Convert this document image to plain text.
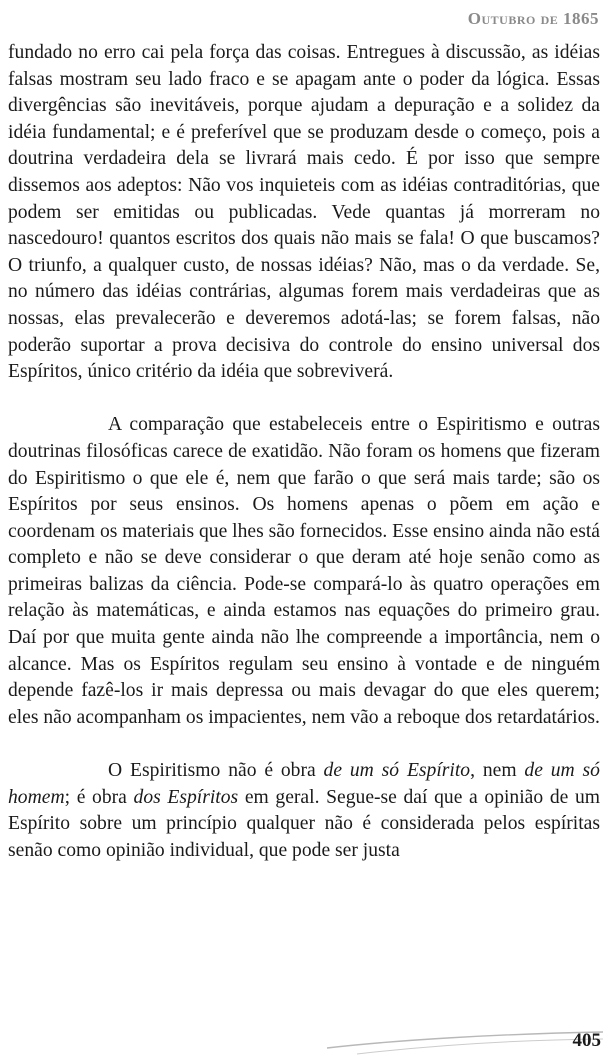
Outubro de 1865

fundado no erro cai pela força das coisas. Entregues à discussão, as idéias falsas mostram seu lado fraco e se apagam ante o poder da lógica. Essas divergências são inevitáveis, porque ajudam a depuração e a solidez da idéia fundamental; e é preferível que se produzam desde o começo, pois a doutrina verdadeira dela se livrará mais cedo. É por isso que sempre dissemos aos adeptos: Não vos inquieteis com as idéias contraditórias, que podem ser emitidas ou publicadas. Vede quantas já morreram no nascedouro! quantos escritos dos quais não mais se fala! O que buscamos? O triunfo, a qualquer custo, de nossas idéias? Não, mas o da verdade. Se, no número das idéias contrárias, algumas forem mais verdadeiras que as nossas, elas prevalecerão e deveremos adotá-las; se forem falsas, não poderão suportar a prova decisiva do controle do ensino universal dos Espíritos, único critério da idéia que sobreviverá.

A comparação que estabeleceis entre o Espiritismo e outras doutrinas filosóficas carece de exatidão. Não foram os homens que fizeram do Espiritismo o que ele é, nem que farão o que será mais tarde; são os Espíritos por seus ensinos. Os homens apenas o põem em ação e coordenam os materiais que lhes são fornecidos. Esse ensino ainda não está completo e não se deve considerar o que deram até hoje senão como as primeiras balizas da ciência. Pode-se compará-lo às quatro operações em relação às matemáticas, e ainda estamos nas equações do primeiro grau. Daí por que muita gente ainda não lhe compreende a importância, nem o alcance. Mas os Espíritos regulam seu ensino à vontade e de ninguém depende fazê-los ir mais depressa ou mais devagar do que eles querem; eles não acompanham os impacientes, nem vão a reboque dos retardatários.

O Espiritismo não é obra de um só Espírito, nem de um só homem; é obra dos Espíritos em geral. Segue-se daí que a opinião de um Espírito sobre um princípio qualquer não é considerada pelos espíritas senão como opinião individual, que pode ser justa

405
